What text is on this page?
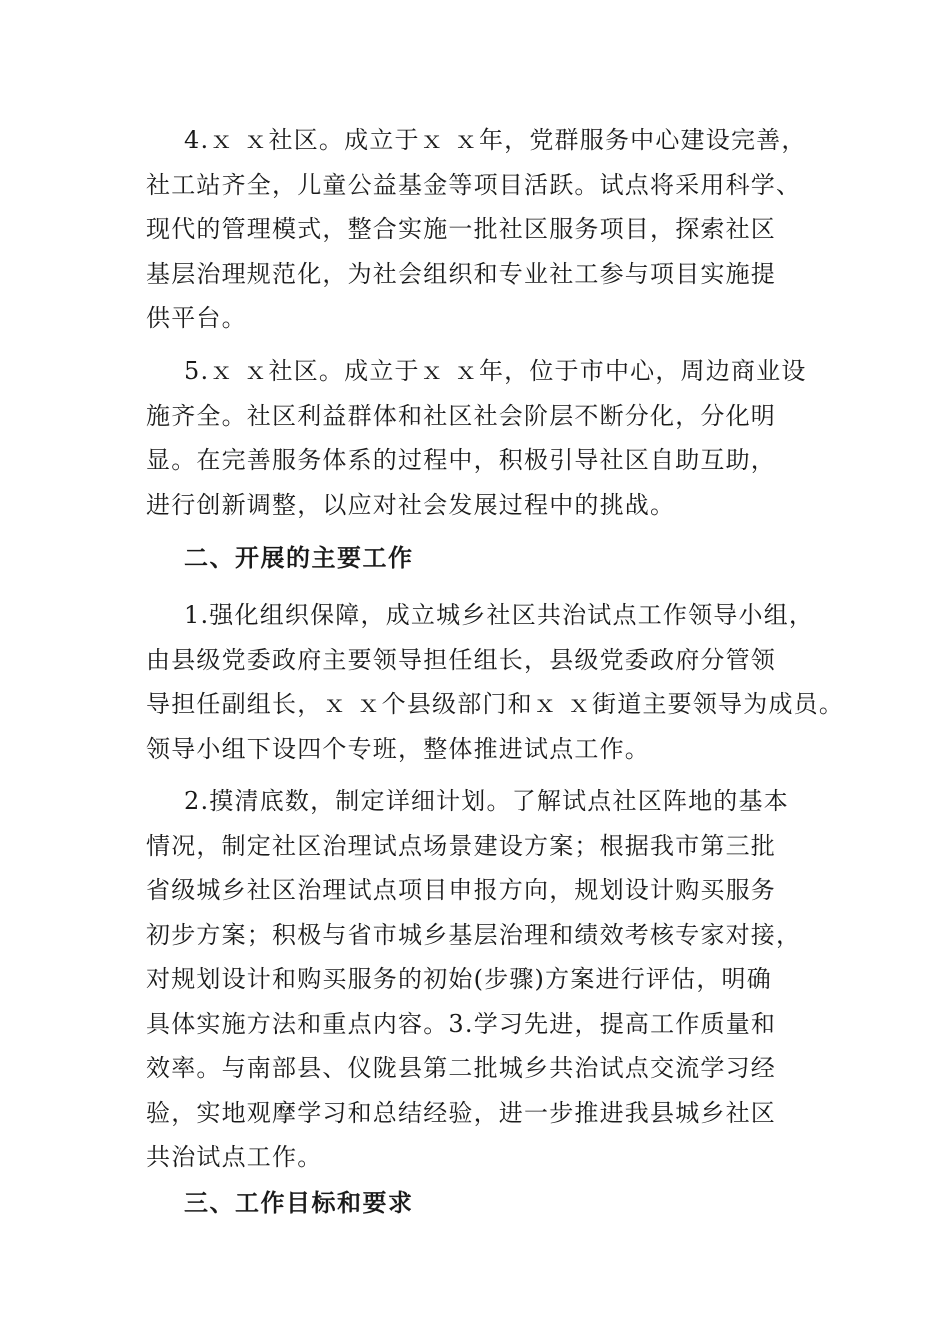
4.ｘ ｘ社区。成立于ｘ ｘ年，党群服务中心建设完善，
社工站齐全，儿童公益基金等项目活跃。试点将采用科学、
现代的管理模式，整合实施一批社区服务项目，探索社区
基层治理规范化，为社会组织和专业社工参与项目实施提
供平台。

5.ｘ ｘ社区。成立于ｘ ｘ年，位于市中心，周边商业设
施齐全。社区利益群体和社区社会阶层不断分化，分化明
显。在完善服务体系的过程中，积极引导社区自助互助，
进行创新调整，以应对社会发展过程中的挑战。

二、开展的主要工作

1.强化组织保障，成立城乡社区共治试点工作领导小组，
由县级党委政府主要领导担任组长，县级党委政府分管领
导担任副组长，ｘ ｘ个县级部门和ｘ ｘ街道主要领导为成员。
领导小组下设四个专班，整体推进试点工作。

2.摸清底数，制定详细计划。了解试点社区阵地的基本
情况，制定社区治理试点场景建设方案；根据我市第三批
省级城乡社区治理试点项目申报方向，规划设计购买服务
初步方案；积极与省市城乡基层治理和绩效考核专家对接，
对规划设计和购买服务的初始(步骤)方案进行评估，明确
具体实施方法和重点内容。3.学习先进，提高工作质量和
效率。与南部县、仪陇县第二批城乡共治试点交流学习经
验，实地观摩学习和总结经验，进一步推进我县城乡社区
共治试点工作。

三、工作目标和要求
